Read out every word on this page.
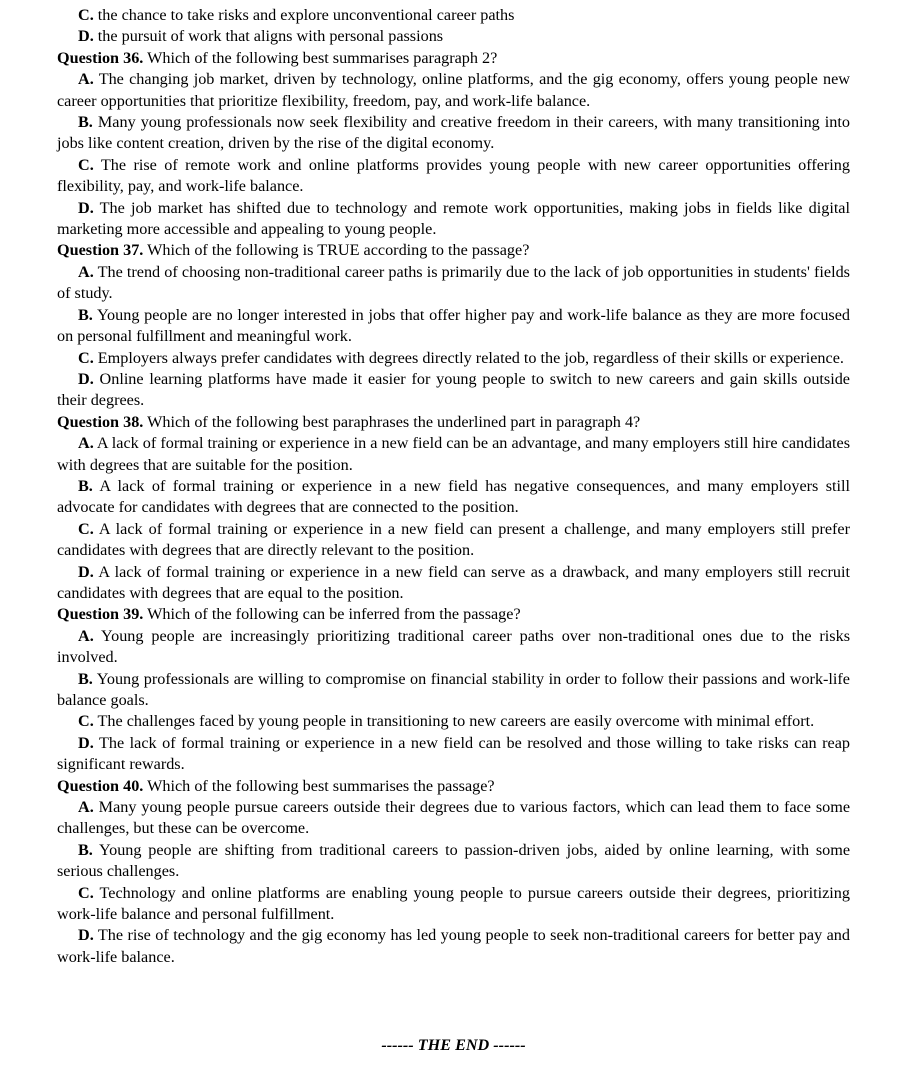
C. the chance to take risks and explore unconventional career paths

D. the pursuit of work that aligns with personal passions

Question 36. Which of the following best summarises paragraph 2?

A. The changing job market, driven by technology, online platforms, and the gig economy, offers young people new career opportunities that prioritize flexibility, freedom, pay, and work-life balance.

B. Many young professionals now seek flexibility and creative freedom in their careers, with many transitioning into jobs like content creation, driven by the rise of the digital economy.

C. The rise of remote work and online platforms provides young people with new career opportunities offering flexibility, pay, and work-life balance.

D. The job market has shifted due to technology and remote work opportunities, making jobs in fields like digital marketing more accessible and appealing to young people.

Question 37. Which of the following is TRUE according to the passage?

A. The trend of choosing non-traditional career paths is primarily due to the lack of job opportunities in students' fields of study.

B. Young people are no longer interested in jobs that offer higher pay and work-life balance as they are more focused on personal fulfillment and meaningful work.

C. Employers always prefer candidates with degrees directly related to the job, regardless of their skills or experience.

D. Online learning platforms have made it easier for young people to switch to new careers and gain skills outside their degrees.

Question 38. Which of the following best paraphrases the underlined part in paragraph 4?

A. A lack of formal training or experience in a new field can be an advantage, and many employers still hire candidates with degrees that are suitable for the position.

B. A lack of formal training or experience in a new field has negative consequences, and many employers still advocate for candidates with degrees that are connected to the position.

C. A lack of formal training or experience in a new field can present a challenge, and many employers still prefer candidates with degrees that are directly relevant to the position.

D. A lack of formal training or experience in a new field can serve as a drawback, and many employers still recruit candidates with degrees that are equal to the position.

Question 39. Which of the following can be inferred from the passage?

A. Young people are increasingly prioritizing traditional career paths over non-traditional ones due to the risks involved.

B. Young professionals are willing to compromise on financial stability in order to follow their passions and work-life balance goals.

C. The challenges faced by young people in transitioning to new careers are easily overcome with minimal effort.

D. The lack of formal training or experience in a new field can be resolved and those willing to take risks can reap significant rewards.

Question 40. Which of the following best summarises the passage?

A. Many young people pursue careers outside their degrees due to various factors, which can lead them to face some challenges, but these can be overcome.

B. Young people are shifting from traditional careers to passion-driven jobs, aided by online learning, with some serious challenges.

C. Technology and online platforms are enabling young people to pursue careers outside their degrees, prioritizing work-life balance and personal fulfillment.

D. The rise of technology and the gig economy has led young people to seek non-traditional careers for better pay and work-life balance.

------ THE END ------
